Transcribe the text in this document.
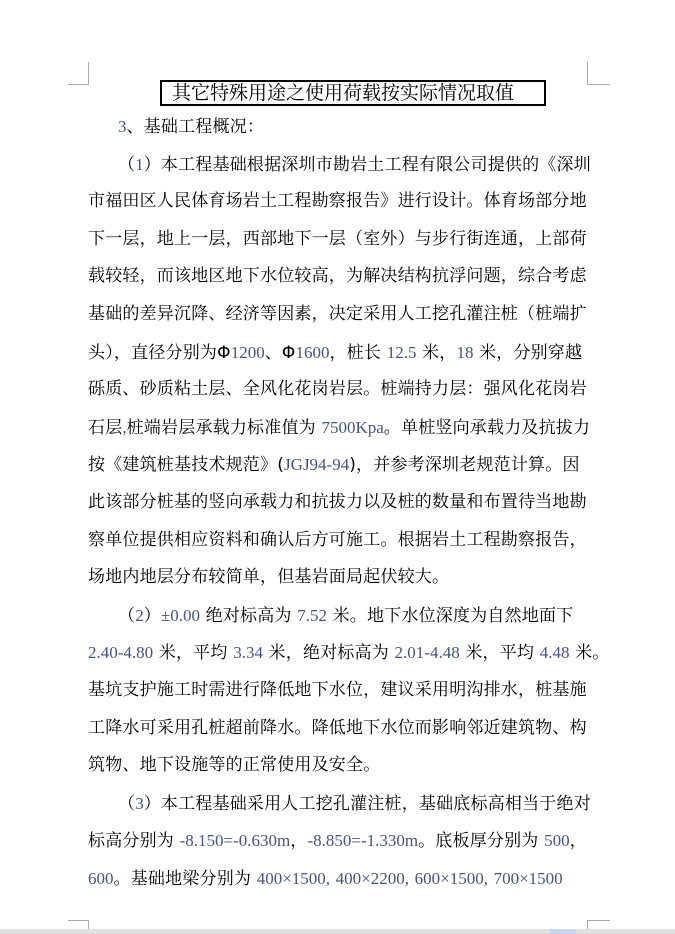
其它特殊用途之使用荷载按实际情况取值
3、基础工程概况：
（1）本工程基础根据深圳市勘岩土工程有限公司提供的《深圳
市福田区人民体育场岩土工程勘察报告》进行设计。体育场部分地
下一层，地上一层，西部地下一层（室外）与步行街连通，上部荷
载较轻，而该地区地下水位较高，为解决结构抗浮问题，综合考虑
基础的差异沉降、经济等因素，决定采用人工挖孔灌注桩（桩端扩
头），直径分别为Φ1200、Φ1600，桩长 12.5 米，18 米，分别穿越
砾质、砂质粘土层、全风化花岗岩层。桩端持力层：强风化花岗岩
石层,桩端岩层承载力标准值为 7500Kpa。单桩竖向承载力及抗拔力
按《建筑桩基技术规范》(JGJ94-94)，并参考深圳老规范计算。因
此该部分桩基的竖向承载力和抗拔力以及桩的数量和布置待当地勘
察单位提供相应资料和确认后方可施工。根据岩土工程勘察报告，
场地内地层分布较简单，但基岩面局起伏较大。
（2）±0.00 绝对标高为 7.52 米。地下水位深度为自然地面下
2.40-4.80 米，平均 3.34 米，绝对标高为 2.01-4.48 米，平均 4.48 米。
基坑支护施工时需进行降低地下水位，建议采用明沟排水，桩基施
工降水可采用孔桩超前降水。降低地下水位而影响邻近建筑物、构
筑物、地下设施等的正常使用及安全。
（3）本工程基础采用人工挖孔灌注桩，基础底标高相当于绝对
标高分别为 -8.150=-0.630m，-8.850=-1.330m。底板厚分别为 500，
600。基础地梁分别为 400×1500, 400×2200, 600×1500, 700×1500
